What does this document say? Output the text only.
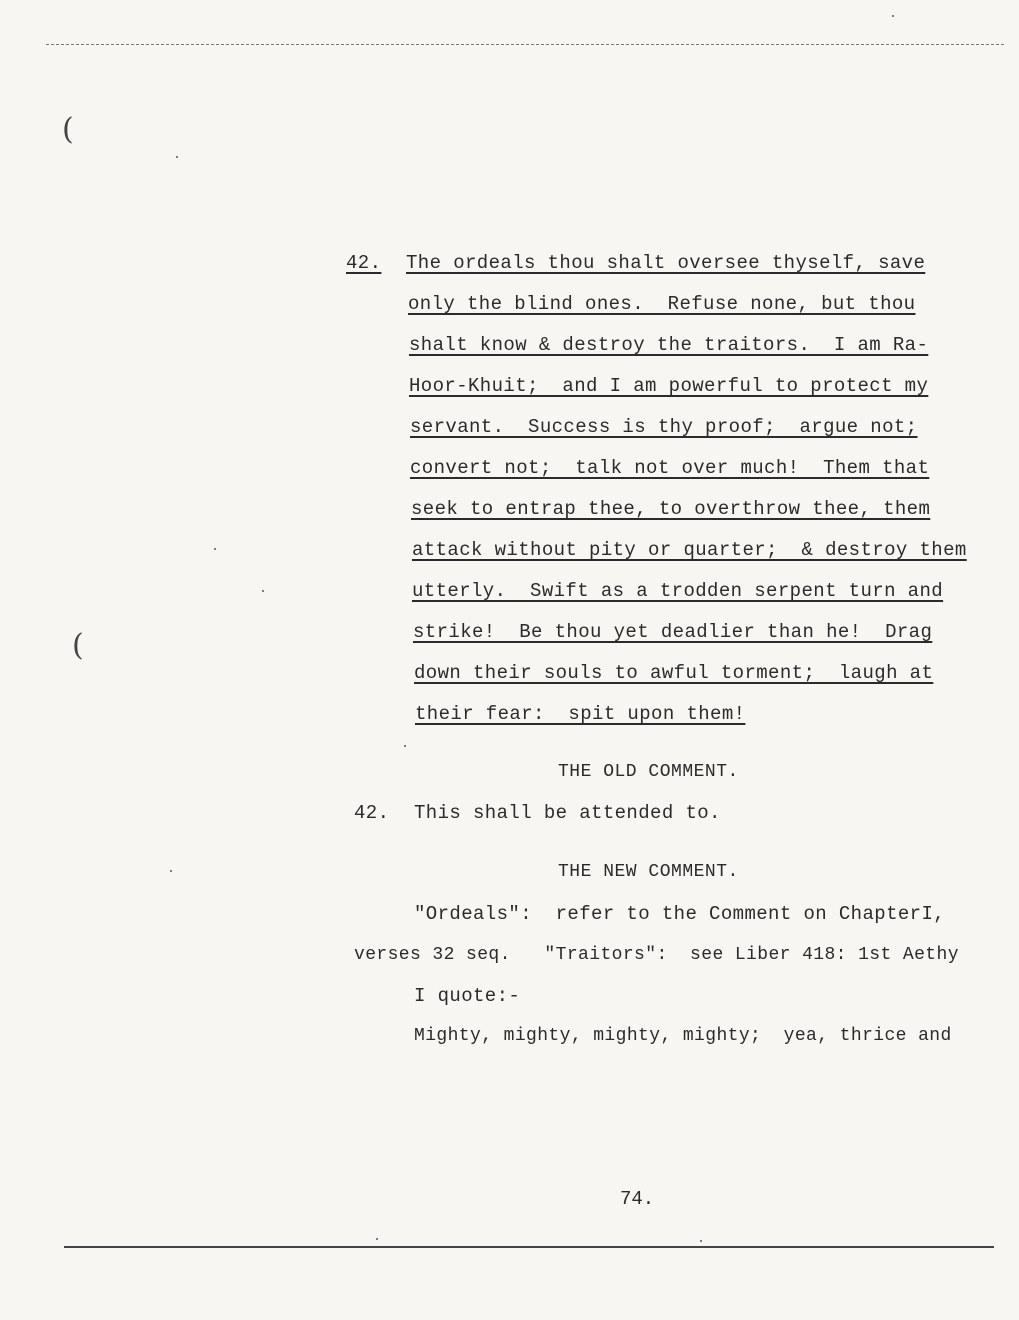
(
(
42. The ordeals thou shalt oversee thyself, save
only the blind ones.  Refuse none, but thou
shalt know & destroy the traitors.  I am Ra-
Hoor-Khuit;  and I am powerful to protect my
servant.  Success is thy proof;  argue not;
convert not;  talk not over much!  Them that
seek to entrap thee, to overthrow thee, them
attack without pity or quarter;  & destroy them
utterly.  Swift as a trodden serpent turn and
strike!  Be thou yet deadlier than he!  Drag
down their souls to awful torment;  laugh at
their fear:  spit upon them!
THE OLD COMMENT.
42. This shall be attended to.
THE NEW COMMENT.
"Ordeals":  refer to the Comment on ChapterI,
verses 32 seq.   "Traitors":  see Liber 418: 1st Aethy
I quote:-
Mighty, mighty, mighty, mighty;  yea, thrice and
74.
